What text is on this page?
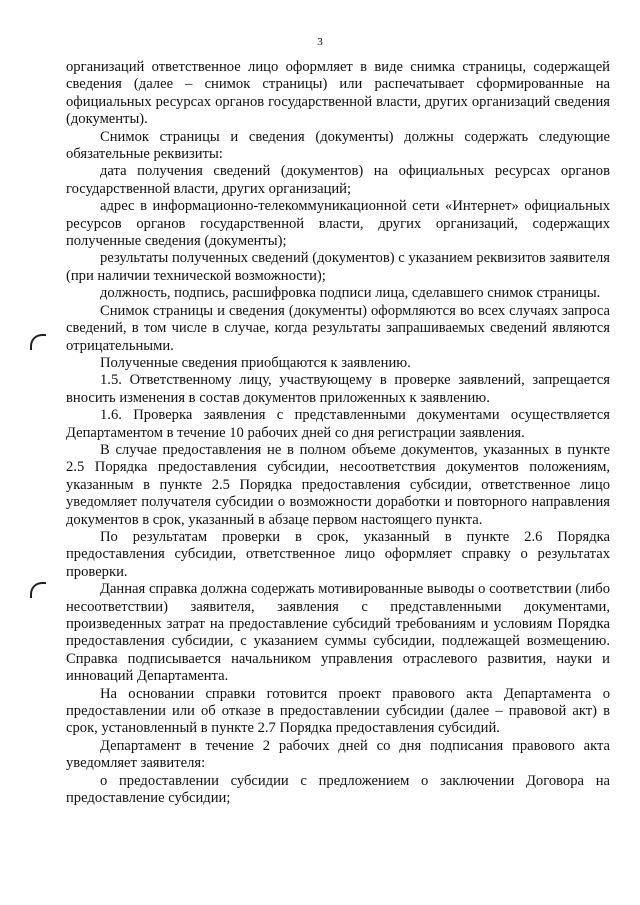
3

организаций ответственное лицо оформляет в виде снимка страницы, содержащей сведения (далее – снимок страницы) или распечатывает сформированные на официальных ресурсах органов государственной власти, других организаций сведения (документы).

Снимок страницы и сведения (документы) должны содержать следующие обязательные реквизиты:

дата получения сведений (документов) на официальных ресурсах органов государственной власти, других организаций;

адрес в информационно-телекоммуникационной сети «Интернет» официальных ресурсов органов государственной власти, других организаций, содержащих полученные сведения (документы);

результаты полученных сведений (документов) с указанием реквизитов заявителя (при наличии технической возможности);

должность, подпись, расшифровка подписи лица, сделавшего снимок страницы.

Снимок страницы и сведения (документы) оформляются во всех случаях запроса сведений, в том числе в случае, когда результаты запрашиваемых сведений являются отрицательными.

Полученные сведения приобщаются к заявлению.

1.5. Ответственному лицу, участвующему в проверке заявлений, запрещается вносить изменения в состав документов приложенных к заявлению.

1.6. Проверка заявления с представленными документами осуществляется Департаментом в течение 10 рабочих дней со дня регистрации заявления.

В случае предоставления не в полном объеме документов, указанных в пункте 2.5 Порядка предоставления субсидии, несоответствия документов положениям, указанным в пункте 2.5 Порядка предоставления субсидии, ответственное лицо уведомляет получателя субсидии о возможности доработки и повторного направления документов в срок, указанный в абзаце первом настоящего пункта.

По результатам проверки в срок, указанный в пункте 2.6 Порядка предоставления субсидии, ответственное лицо оформляет справку о результатах проверки.

Данная справка должна содержать мотивированные выводы о соответствии (либо несоответствии) заявителя, заявления с представленными документами, произведенных затрат на предоставление субсидий требованиям и условиям Порядка предоставления субсидии, с указанием суммы субсидии, подлежащей возмещению. Справка подписывается начальником управления отраслевого развития, науки и инноваций Департамента.

На основании справки готовится проект правового акта Департамента о предоставлении или об отказе в предоставлении субсидии (далее – правовой акт) в срок, установленный в пункте 2.7 Порядка предоставления субсидий.

Департамент в течение 2 рабочих дней со дня подписания правового акта уведомляет заявителя:

о предоставлении субсидии с предложением о заключении Договора на предоставление субсидии;
